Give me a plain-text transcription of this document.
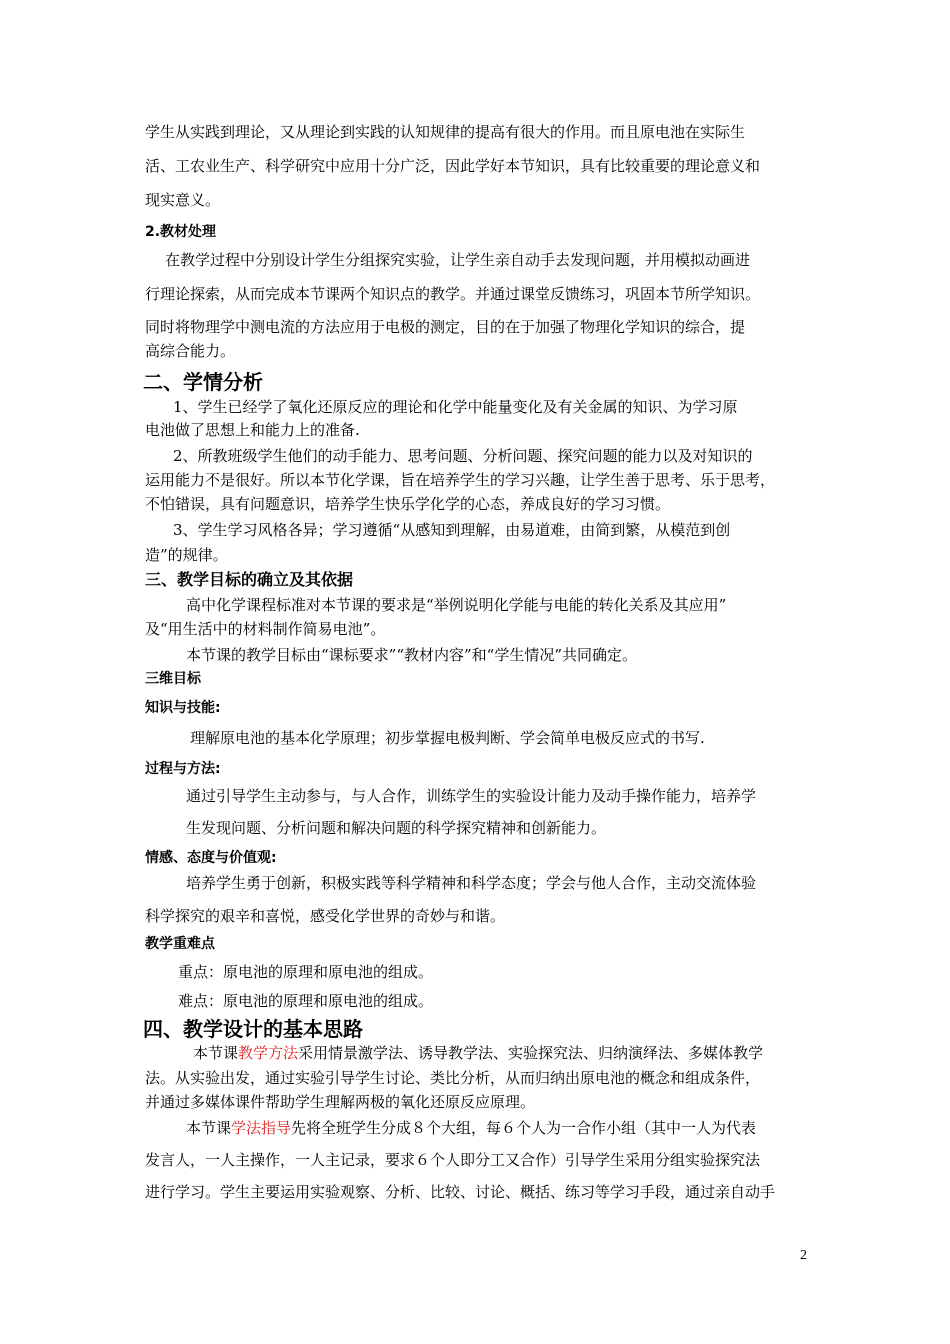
学生从实践到理论，又从理论到实践的认知规律的提高有很大的作用。而且原电池在实际生
活、工农业生产、科学研究中应用十分广泛，因此学好本节知识，具有比较重要的理论意义和
现实意义。
2.教材处理
在教学过程中分别设计学生分组探究实验，让学生亲自动手去发现问题，并用模拟动画进
行理论探索，从而完成本节课两个知识点的教学。并通过课堂反馈练习，巩固本节所学知识。
同时将物理学中测电流的方法应用于电极的测定，目的在于加强了物理化学知识的综合，提
高综合能力。
二、学情分析
1、学生已经学了氧化还原反应的理论和化学中能量变化及有关金属的知识、为学习原
电池做了思想上和能力上的准备.
2、所教班级学生他们的动手能力、思考问题、分析问题、探究问题的能力以及对知识的
运用能力不是很好。所以本节化学课，旨在培养学生的学习兴趣，让学生善于思考、乐于思考，
不怕错误，具有问题意识，培养学生快乐学化学的心态，养成良好的学习习惯。
3、学生学习风格各异；学习遵循“从感知到理解，由易道难，由简到繁，从模范到创
造”的规律。
三、教学目标的确立及其依据
高中化学课程标准对本节课的要求是“举例说明化学能与电能的转化关系及其应用”
及“用生活中的材料制作简易电池”。
本节课的教学目标由“课标要求”“教材内容”和“学生情况”共同确定。
三维目标
知识与技能:
理解原电池的基本化学原理；初步掌握电极判断、学会简单电极反应式的书写.
过程与方法:
通过引导学生主动参与，与人合作，训练学生的实验设计能力及动手操作能力，培养学
生发现问题、分析问题和解决问题的科学探究精神和创新能力。
情感、态度与价值观:
培养学生勇于创新，积极实践等科学精神和科学态度；学会与他人合作，主动交流体验
科学探究的艰辛和喜悦，感受化学世界的奇妙与和谐。
教学重难点
重点：原电池的原理和原电池的组成。
难点：原电池的原理和原电池的组成。
四、教学设计的基本思路
本节课教学方法采用情景激学法、诱导教学法、实验探究法、归纳演绎法、多媒体教学
法。从实验出发，通过实验引导学生讨论、类比分析，从而归纳出原电池的概念和组成条件，
并通过多媒体课件帮助学生理解两极的氧化还原反应原理。
本节课学法指导先将全班学生分成８个大组，每６个人为一合作小组（其中一人为代表
发言人，一人主操作，一人主记录，要求６个人即分工又合作）引导学生采用分组实验探究法
进行学习。学生主要运用实验观察、分析、比较、讨论、概括、练习等学习手段，通过亲自动手
2
